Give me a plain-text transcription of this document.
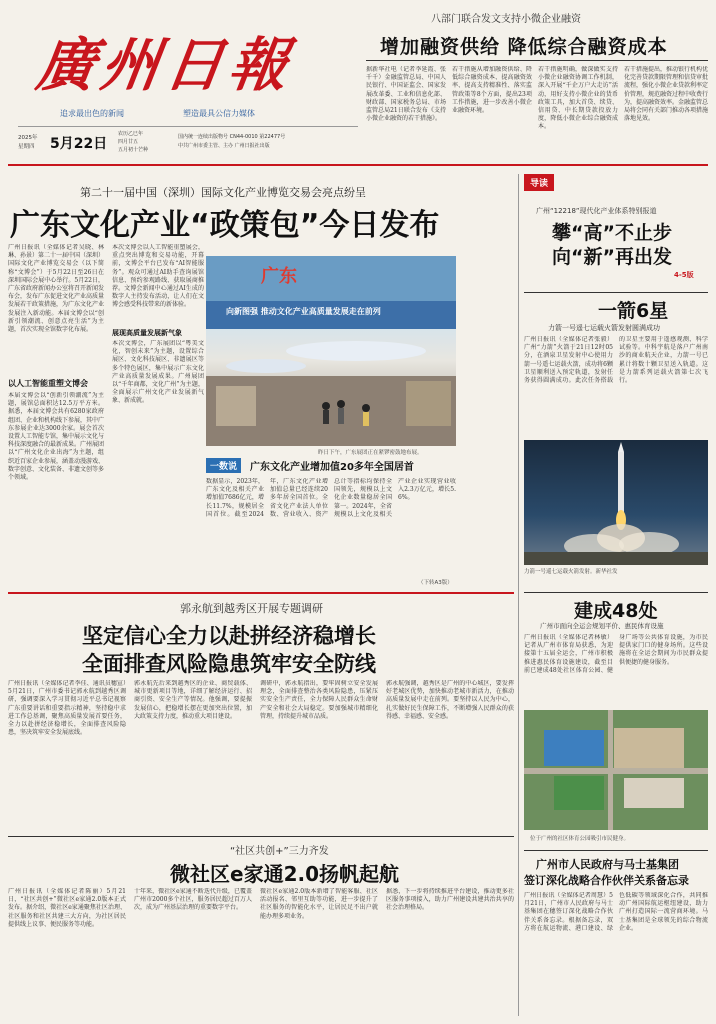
廣州日報
追求最出色的新闻	塑造最具公信力媒体
2025年
星期四 5月22日
农历乙巳年
四月廿五
五月初十芒种
国内统一连续出版物号 CN44-0010 第22477号
中共广州市委主管、主办 广州日报社出版
八部门联合发文支持小微企业融资
增加融资供给 降低综合融资成本
据新华社电（记者李延霞、张千千）金融监管总局、中国人民银行、中国证监会、国家发展改革委、工业和信息化部、财政部、国家税务总局、市场监管总局21日联合发布《支持小微企业融资的若干措施》。
若干措施从增加融资供给、降低综合融资成本、提高融资效率、提高支持精准性、落实监管政策等8个方面，提出23项工作措施，进一步改善小微企业融资环境。
若干措施明确，做深做实支持小微企业融资协调工作机制，深入开展“千企万户大走访”活动，用好支持小微企业的货币政策工具，加大首贷、续贷、信用贷、中长期贷款投放力度，降低小微企业综合融资成本。
若干措施提出，推动银行机构优化完善贷款期限管理和信贷审批流程，强化小微企业贷款利率定价管理，规范融资过程中收费行为，提高融资效率。金融监管总局将会同有关部门推动各项措施落地见效。
第二十一届中国（深圳）国际文化产业博览交易会亮点纷呈
广东文化产业“政策包”今日发布
广州日报讯（全媒体记者吴晓、林琳、孙景）第二十一届中国（深圳）国际文化产业博览交易会（以下简称“文博会”）于5月22日至26日在深圳国际会展中心举行。5月22日，广东省政府新闻办公室将召开新闻发布会，发布广东促进文化产业高质量发展若干政策措施，为广东文化产业发展注入新动能。本届文博会以“创新引领潮流、创意点亮生活”为主题，首次实现全馆数字化布展。
以人工智能重塑文博会
本届文博会以“创新引领潮流”为主题，展馆总面积达12.5万平方米。据悉，本届文博会共有6280家政府组团、企业和机构线下参展，其中广东参展企业达3000余家。展会首次设置人工智能专馆，集中展示文化与科技深度融合的最新成果。广州展团以“广州文化企业出海”为主题，组织近百家企业参展，涵盖动漫游戏、数字创意、文化装备、非遗文创等多个领域。
本次文博会以人工智能重塑展会，重点突出博览和交易功能，开幕前，文博会平台已发布“AI智能服务”。观众可通过AI助手查询展馆信息、预约参观路线、获取展商推荐。文博会新闻中心通过AI生成的数字人主持发布活动，让人们在文博会感受科技带来的新体验。
广东
向新图强 推动文化产业高质量发展走在前列
昨日下午，广东展团正在紧锣密鼓地布展。
本次文博会，广东展团以“粤美文化，智创未来”为主题，设置综合展区、文化科技展区、非遗展区等多个特色展区，集中展示广东文化产业高质量发展成果。广州展团以“千年商都，文化广州”为主题，全面展示广州文化产业发展新气象、新成就。
展现高质量发展新气象
一数说	广东文化产业增加值20多年全国居首
数据显示，2023年，广东文化及相关产业增加值7686亿元，增长11.7%，规模居全国首位。截至2024年，广东文化产业增加值总量已经连续20多年居全国首位。全省文化产业法人单位数、营业收入、资产总计等指标均保持全国领先，规模以上文化企业数量稳居全国第一。2024年，全省规模以上文化及相关产业企业实现营业收入2.3万亿元，增长5.6%。
（下转A3版）
导读
广州“12218”现代化产业体系特别报道
攀“高”不止步
向“新”再出发
4-5版
一箭6星
力箭一号遥七运载火箭发射圆满成功
广州日报讯（全媒体记者张毅）广州“力箭”火箭于21日12时05分，在酒泉卫星发射中心使用力箭一号遥七运载火箭，成功将6颗卫星顺利送入预定轨道，发射任务获得圆满成功。此次任务搭载的卫星主要用于遥感观测、科学试验等。中科宇航是落户广州南沙的商业航天企业，力箭一号已累计将数十颗卫星送入轨道。这是力箭系列运载火箭第七次飞行。
力箭一号遥七运载火箭发射。新华社发
建成48处
广州市面向全运会规划平价、惠民体育设施
广州日报讯（全媒体记者林敏）记者从广州市体育局获悉，为迎接第十五届全运会，广州市积极推进惠民体育设施建设，截至目前已建成48处社区体育公园、健身广场等公共体育设施，为市民提供家门口的健身场所。这些设施将在全运会期间为市民群众提供便捷的健身服务。
位于广州的社区体育公园吸引市民健身。
广州市人民政府与马士基集团
签订深化战略合作伙伴关系备忘录
广州日报讯（全媒体记者周慧）5月21日，广州市人民政府与马士基集团在穗签订深化战略合作伙伴关系备忘录。根据备忘录，双方将在航运物流、港口建设、绿色低碳等领域深化合作，共同推动广州国际航运枢纽建设，助力广州打造国际一流营商环境。马士基集团是全球领先的综合物流企业。
郭永航到越秀区开展专题调研
坚定信心全力以赴拼经济稳增长
全面排查风险隐患筑牢安全防线
广州日报讯（全媒体记者李佳、通讯员穗宣）5月21日，广州市委书记郭永航到越秀区调研，强调要深入学习贯彻习近平总书记视察广东重要讲话和重要指示精神，坚持稳中求进工作总基调，聚焦高质量发展首要任务，全力以赴拼经济稳增长，全面排查风险隐患，坚决筑牢安全发展底线。
郭永航先后来到越秀区的企业、商贸载体、城市更新项目等地，详细了解经济运行、招商引资、安全生产等情况。他强调，要提振发展信心，把稳增长摆在更加突出位置，加大政策支持力度，推动重大项目建设。
调研中，郭永航指出，要牢固树立安全发展理念，全面排查整治各类风险隐患，压紧压实安全生产责任，全力保障人民群众生命财产安全和社会大局稳定。要加强城市精细化管理，持续提升城市品质。
郭永航强调，越秀区是广州的中心城区，要发挥好老城区优势，加快推动老城市新活力，在推动高质量发展中走在前列。要坚持以人民为中心，扎实做好民生保障工作，不断增强人民群众的获得感、幸福感、安全感。
“社区共创+”三力齐发
微社区e家通2.0扬帆起航
广州日报讯（全媒体记者陈丽）5月21日，“社区共创+”微社区e家通2.0版本正式发布。据介绍，微社区e家通聚焦社区治理、社区服务和社区共建三大方向，为社区居民提供线上议事、便民服务等功能。
十年来，微社区e家通不断迭代升级，已覆盖广州市2000多个社区，服务居民超过百万人次，成为广州基层治理的重要数字平台。
微社区e家通2.0版本新增了智能客服、社区活动报名、邻里互助等功能，进一步提升了社区服务的智能化水平，让居民足不出户就能办理多项业务。
据悉，下一步将持续推进平台建设，推动更多社区服务事项接入，助力广州建设共建共治共享的社会治理格局。
